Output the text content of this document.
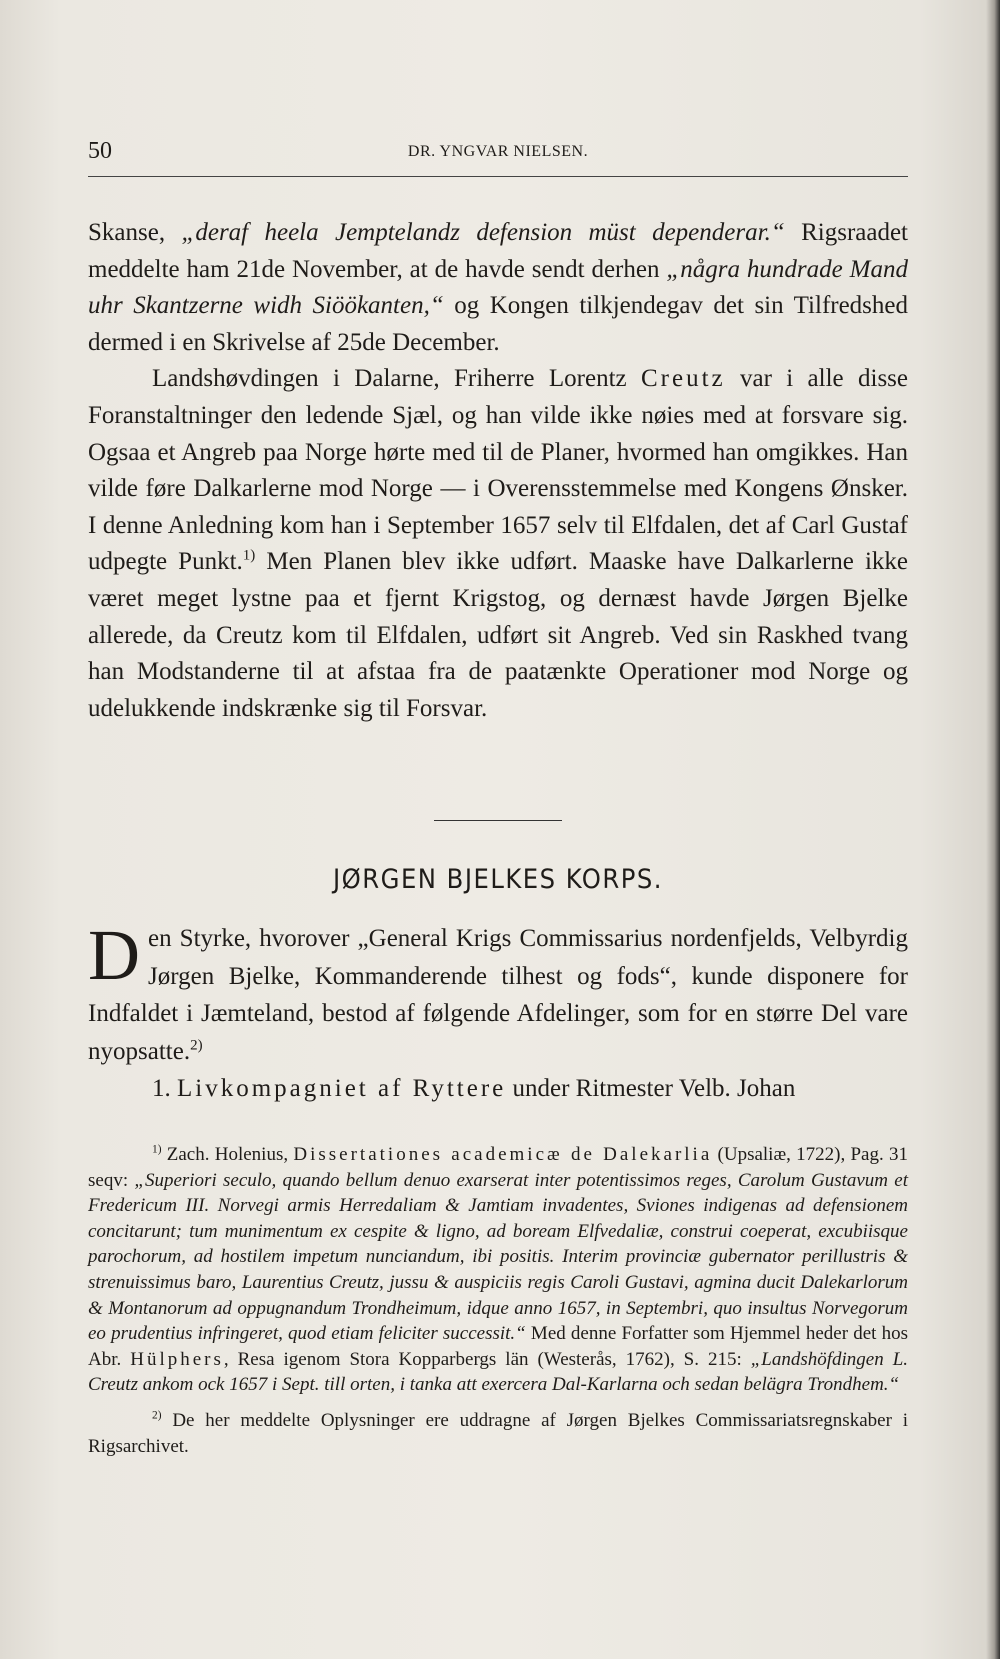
50	DR. YNGVAR NIELSEN.

Skanse, „deraf heela Jemptelandz defension müst dependerar.“ Rigsraadet meddelte ham 21de November, at de havde sendt derhen „några hundrade Mand uhr Skantzerne widh Siöökanten,“ og Kongen tilkjendegav det sin Tilfredshed dermed i en Skrivelse af 25de December.

Landshøvdingen i Dalarne, Friherre Lorentz Creutz var i alle disse Foranstaltninger den ledende Sjæl, og han vilde ikke nøies med at forsvare sig. Ogsaa et Angreb paa Norge hørte med til de Planer, hvormed han omgikkes. Han vilde føre Dalkarlerne mod Norge — i Overensstemmelse med Kongens Ønsker. I denne Anledning kom han i September 1657 selv til Elfdalen, det af Carl Gustaf udpegte Punkt.$^{1)}$ Men Planen blev ikke udført. Maaske have Dalkarlerne ikke været meget lystne paa et fjernt Krigstog, og dernæst havde Jørgen Bjelke allerede, da Creutz kom til Elfdalen, udført sit Angreb. Ved sin Raskhed tvang han Modstanderne til at afstaa fra de paatænkte Operationer mod Norge og udelukkende indskrænke sig til Forsvar.

JØRGEN BJELKES KORPS.

Den Styrke, hvorover „General Krigs Commissarius nordenfjelds, Velbyrdig Jørgen Bjelke, Kommanderende tilhest og fods“, kunde disponere for Indfaldet i Jæmteland, bestod af følgende Afdelinger, som for en større Del vare nyopsatte.$^{2)}$

1. Livkompagniet af Ryttere under Ritmester Velb. Johan

$^{1)}$ Zach. Holenius, Dissertationes academicæ de Dalekarlia (Upsaliæ, 1722), Pag. 31 seqv: „Superiori seculo, quando bellum denuo exarserat inter potentissimos reges, Carolum Gustavum et Fredericum III. Norvegi armis Herredaliam & Jamtiam invadentes, Sviones indigenas ad defensionem concitarunt; tum munimentum ex cespite & ligno, ad boream Elfvedaliæ, construi coeperat, excubiisque parochorum, ad hostilem impetum nunciandum, ibi positis. Interim provinciæ gubernator perillustris & strenuissimus baro, Laurentius Creutz, jussu & auspiciis regis Caroli Gustavi, agmina ducit Dalekarlorum & Montanorum ad oppugnandum Trondheimum, idque anno 1657, in Septembri, quo insultus Norvegorum eo prudentius infringeret, quod etiam feliciter successit.“ Med denne Forfatter som Hjemmel heder det hos Abr. Hülphers, Resa igenom Stora Kopparbergs län (Westerås, 1762), S. 215: „Landshöfdingen L. Creutz ankom ock 1657 i Sept. till orten, i tanka att exercera Dal-Karlarna och sedan belägra Trondhem.“

$^{2)}$ De her meddelte Oplysninger ere uddragne af Jørgen Bjelkes Commissariatsregnskaber i Rigsarchivet.
